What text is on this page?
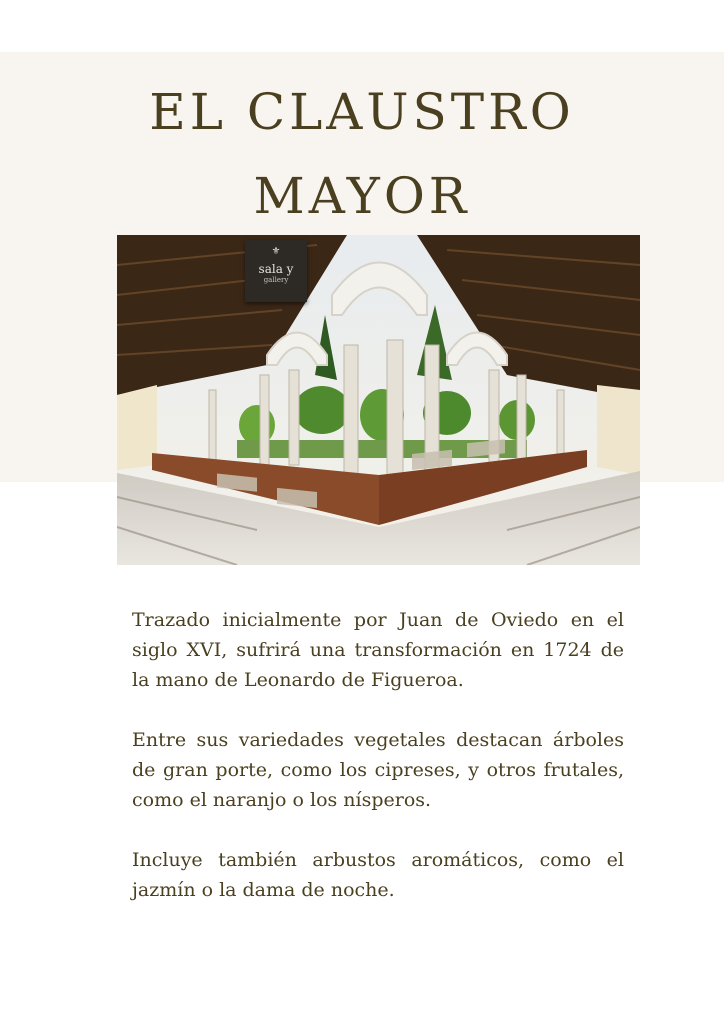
EL CLAUSTRO
MAYOR
⚜
sala y
gallery

Trazado inicialmente por Juan de Oviedo en el siglo XVI, sufrirá una transformación en 1724 de la mano de Leonardo de Figueroa.

Entre sus variedades vegetales destacan árboles de gran porte, como los cipreses, y otros frutales, como el naranjo o los nísperos.

Incluye también arbustos aromáticos, como el jazmín o la dama de noche.
